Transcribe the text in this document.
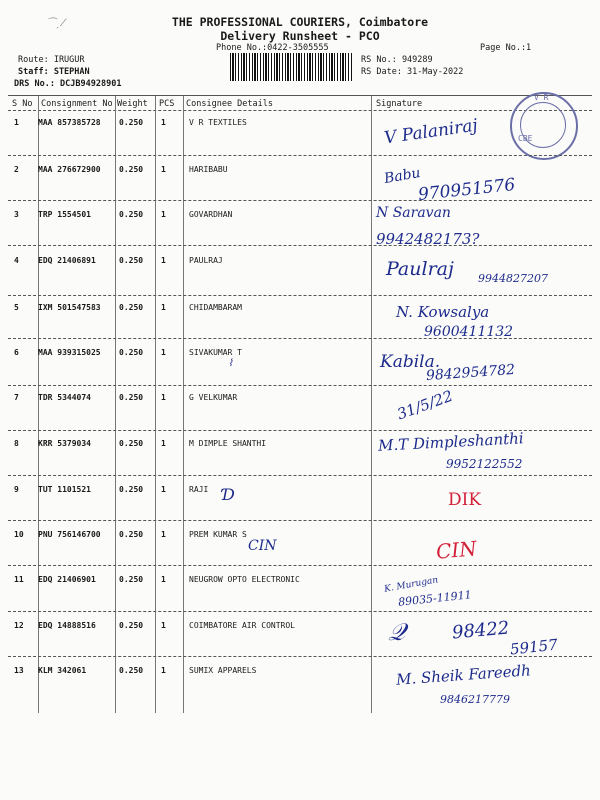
⌒ˏ ⁄	THE PROFESSIONAL COURIERS, Coimbatore
Delivery Runsheet - PCO
Phone No.:0422-3505555	Page No.:1
Route: IRUGUR
Staff: STEPHAN
DRS No.: DCJB94928901
RS No.: 949289
RS Date: 31-May-2022
S No Consignment No Weight PCS Consignee Details	Signature
V R
CBE
1 MAA 857385728 0.250 1	V R TEXTILES	V Palaniraj
2 MAA 276672900 0.250 1	HARIBABU	Babu
970951576
3 TRP 1554501	0.250 1	GOVARDHAN	N Saravan
9942482173?
4 EDQ 21406891	0.250 1	PAULRAJ	Paulraj 9944827207
5 IXM 501547583 0.250 1	CHIDAMBARAM	N. Kowsalya
9600411132
6 MAA 939315025 0.250 1	SIVAKUMAR T
⌇	Kabila.
9842954782
7 TDR 5344074	0.250 1	G VELKUMAR	31/5/22
8 KRR 5379034	0.250 1	M DIMPLE SHANTHI	M.T Dimpleshanthi
9952122552
9 TUT 1101521	0.250 1	RAJI Ɗ	DIK
10 PNU 756146700 0.250 1	PREM KUMAR S
CIN	CIN
11 EDQ 21406901	0.250 1	NEUGROW OPTO ELECTRONIC	K. Murugan
89035-11911
12 EDQ 14888516	0.250 1	COIMBATORE AIR CONTROL	𝒬	98422
59157
13 KLM 342061	0.250 1	SUMIX APPARELS	M. Sheik Fareedh
9846217779
